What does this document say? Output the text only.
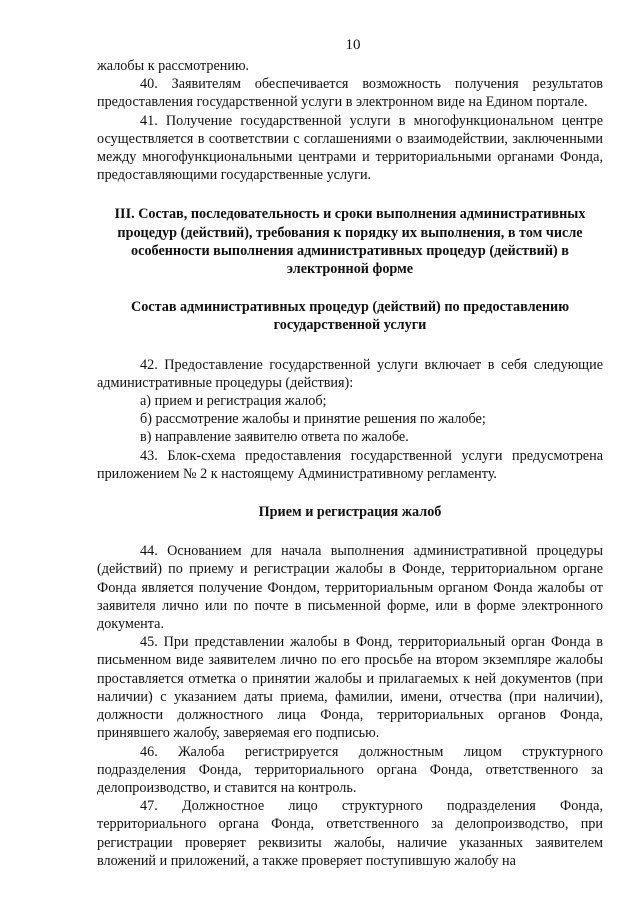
10

жалобы к рассмотрению.

40. Заявителям обеспечивается возможность получения результатов предоставления государственной услуги в электронном виде на Едином портале.

41. Получение государственной услуги в многофункциональном центре осуществляется в соответствии с соглашениями о взаимодействии, заключенными между многофункциональными центрами и территориальными органами Фонда, предоставляющими государственные услуги.

III. Состав, последовательность и сроки выполнения административных процедур (действий), требования к порядку их выполнения, в том числе особенности выполнения административных процедур (действий) в электронной форме

Состав административных процедур (действий) по предоставлению государственной услуги

42. Предоставление государственной услуги включает в себя следующие административные процедуры (действия):

а) прием и регистрация жалоб;

б) рассмотрение жалобы и принятие решения по жалобе;

в) направление заявителю ответа по жалобе.

43. Блок-схема предоставления государственной услуги предусмотрена приложением № 2 к настоящему Административному регламенту.

Прием и регистрация жалоб

44. Основанием для начала выполнения административной процедуры (действий) по приему и регистрации жалобы в Фонде, территориальном органе Фонда является получение Фондом, территориальным органом Фонда жалобы от заявителя лично или по почте в письменной форме, или в форме электронного документа.

45. При представлении жалобы в Фонд, территориальный орган Фонда в письменном виде заявителем лично по его просьбе на втором экземпляре жалобы проставляется отметка о принятии жалобы и прилагаемых к ней документов (при наличии) с указанием даты приема, фамилии, имени, отчества (при наличии), должности должностного лица Фонда, территориальных органов Фонда, принявшего жалобу, заверяемая его подписью.

46. Жалоба регистрируется должностным лицом структурного подразделения Фонда, территориального органа Фонда, ответственного за делопроизводство, и ставится на контроль.

47. Должностное лицо структурного подразделения Фонда, территориального органа Фонда, ответственного за делопроизводство, при регистрации проверяет реквизиты жалобы, наличие указанных заявителем вложений и приложений, а также проверяет поступившую жалобу на
